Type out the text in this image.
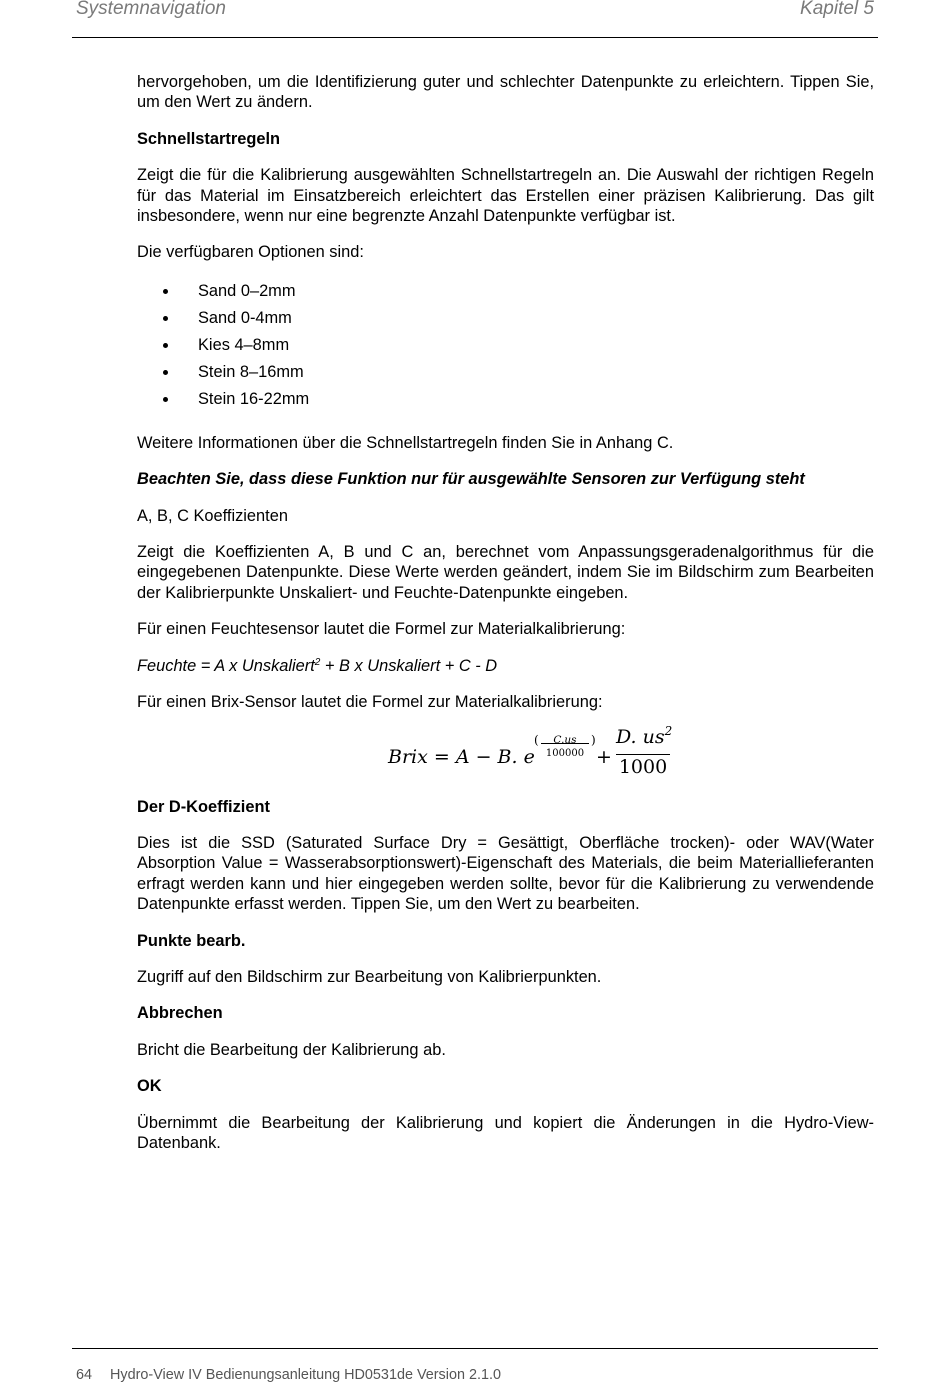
Systemnavigation	Kapitel 5

hervorgehoben, um die Identifizierung guter und schlechter Datenpunkte zu erleichtern. Tippen Sie, um den Wert zu ändern.

Schnellstartregeln

Zeigt die für die Kalibrierung ausgewählten Schnellstartregeln an. Die Auswahl der richtigen Regeln für das Material im Einsatzbereich erleichtert das Erstellen einer präzisen Kalibrierung. Das gilt insbesondere, wenn nur eine begrenzte Anzahl Datenpunkte verfügbar ist.

Die verfügbaren Optionen sind:

Sand 0–2mm
Sand 0-4mm
Kies 4–8mm
Stein 8–16mm
Stein 16-22mm

Weitere Informationen über die Schnellstartregeln finden Sie in Anhang C.

Beachten Sie, dass diese Funktion nur für ausgewählte Sensoren zur Verfügung steht

A, B, C Koeffizienten

Zeigt die Koeffizienten A, B und C an, berechnet vom Anpassungsgeradenalgorithmus für die eingegebenen Datenpunkte. Diese Werte werden geändert, indem Sie im Bildschirm zum Bearbeiten der Kalibrierpunkte Unskaliert- und Feuchte-Datenpunkte eingeben.

Für einen Feuchtesensor lautet die Formel zur Materialkalibrierung:

Feuchte = A x Unskaliert$^2$ + B x Unskaliert + C - D

Für einen Brix-Sensor lautet die Formel zur Materialkalibrierung:

Brix = A − B. e
(	C.us
100000
)
+
D. $us^2$
1000

Der D-Koeffizient

Dies ist die SSD (Saturated Surface Dry = Gesättigt, Oberfläche trocken)- oder WAV(Water Absorption Value = Wasserabsorptionswert)-Eigenschaft des Materials, die beim Materiallieferanten erfragt werden kann und hier eingegeben werden sollte, bevor für die Kalibrierung zu verwendende Datenpunkte erfasst werden. Tippen Sie, um den Wert zu bearbeiten.

Punkte bearb.

Zugriff auf den Bildschirm zur Bearbeitung von Kalibrierpunkten.

Abbrechen

Bricht die Bearbeitung der Kalibrierung ab.

OK

Übernimmt die Bearbeitung der Kalibrierung und kopiert die Änderungen in die Hydro-View-Datenbank.

64 Hydro-View IV Bedienungsanleitung HD0531de Version 2.1.0
